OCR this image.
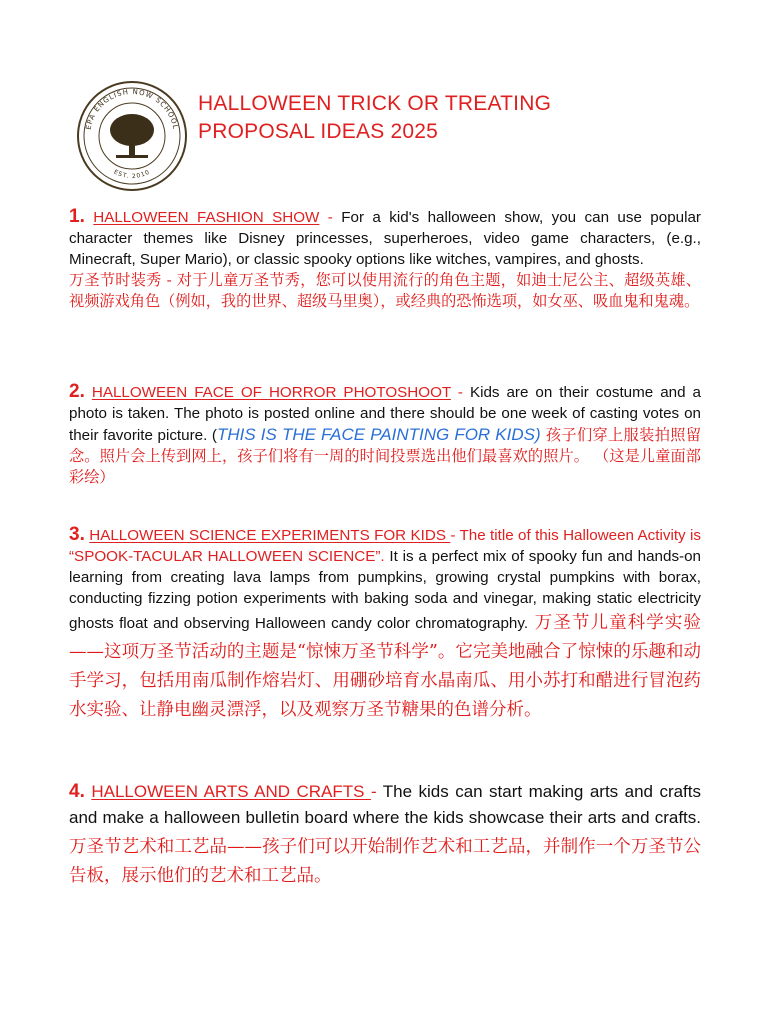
EPA ENGLISH NOW SCHOOL
EST. 2010
HALLOWEEN TRICK OR TREATING
PROPOSAL IDEAS 2025
1. HALLOWEEN FASHION SHOW - For a kid's halloween show, you can use popular character themes like Disney princesses, superheroes, video game characters, (e.g., Minecraft, Super Mario), or classic spooky options like witches, vampires, and ghosts.
万圣节时装秀 - 对于儿童万圣节秀，您可以使用流行的角色主题，如迪士尼公主、超级英雄、视频游戏角色（例如，我的世界、超级马里奥），或经典的恐怖选项，如女巫、吸血鬼和鬼魂。
2. HALLOWEEN FACE OF HORROR PHOTOSHOOT - Kids are on their costume and a photo is taken. The photo is posted online and there should be one week of casting votes on their favorite picture. (THIS IS THE FACE PAINTING FOR KIDS) 孩子们穿上服装拍照留念。照片会上传到网上，孩子们将有一周的时间投票选出他们最喜欢的照片。 （这是儿童面部彩绘）
3. HALLOWEEN SCIENCE EXPERIMENTS FOR KIDS - The title of this Halloween Activity is “SPOOK-TACULAR HALLOWEEN SCIENCE”. It is a perfect mix of spooky fun and hands-on learning from creating lava lamps from pumpkins, growing crystal pumpkins with borax, conducting fizzing potion experiments with baking soda and vinegar, making static electricity ghosts float and observing Halloween candy color chromatography. 万圣节儿童科学实验——这项万圣节活动的主题是“惊悚万圣节科学”。它完美地融合了惊悚的乐趣和动手学习，包括用南瓜制作熔岩灯、用硼砂培育水晶南瓜、用小苏打和醋进行冒泡药水实验、让静电幽灵漂浮，以及观察万圣节糖果的色谱分析。
4. HALLOWEEN ARTS AND CRAFTS - The kids can start making arts and crafts and make a halloween bulletin board where the kids showcase their arts and crafts. 万圣节艺术和工艺品——孩子们可以开始制作艺术和工艺品，并制作一个万圣节公告板，展示他们的艺术和工艺品。
